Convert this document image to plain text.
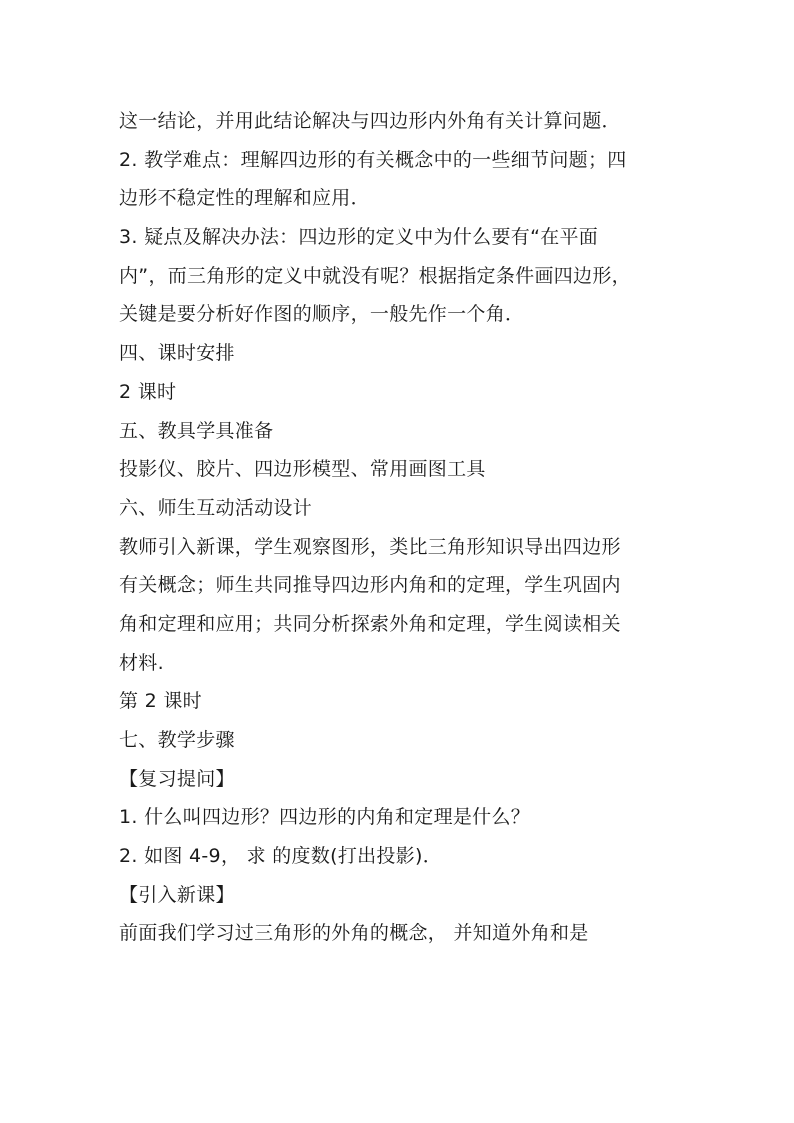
这一结论，并用此结论解决与四边形内外角有关计算问题．
2. 教学难点：理解四边形的有关概念中的一些细节问题；四
边形不稳定性的理解和应用．
3. 疑点及解决办法：四边形的定义中为什么要有“在平面
内”，而三角形的定义中就没有呢？根据指定条件画四边形，
关键是要分析好作图的顺序，一般先作一个角．
四、课时安排
2 课时
五、教具学具准备
投影仪、胶片、四边形模型、常用画图工具
六、师生互动活动设计
教师引入新课，学生观察图形，类比三角形知识导出四边形
有关概念；师生共同推导四边形内角和的定理，学生巩固内
角和定理和应用；共同分析探索外角和定理，学生阅读相关
材料.
第 2 课时
七、教学步骤
【复习提问】
1. 什么叫四边形？四边形的内角和定理是什么？
2. 如图 4-9， 求 的度数(打出投影)．
【引入新课】
前面我们学习过三角形的外角的概念， 并知道外角和是
